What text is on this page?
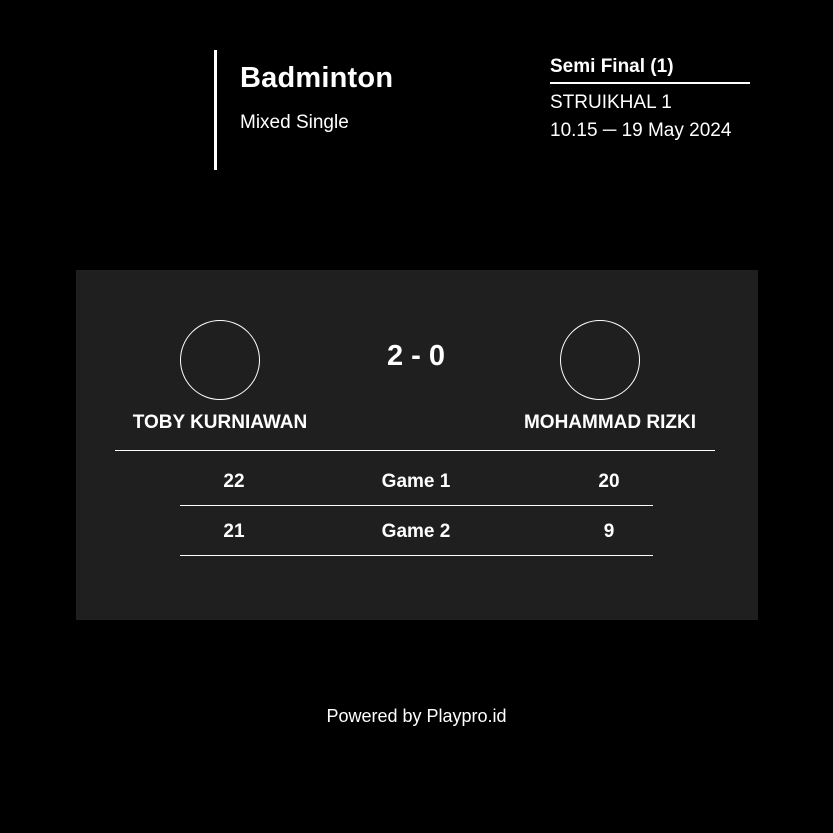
Badminton
Mixed Single
Semi Final (1)
STRUIKHAL 1
10.15 ─ 19 May 2024
2 - 0
TOBY KURNIAWAN	MOHAMMAD RIZKI
22	Game 1	20
21	Game 2	9
Powered by Playpro.id
